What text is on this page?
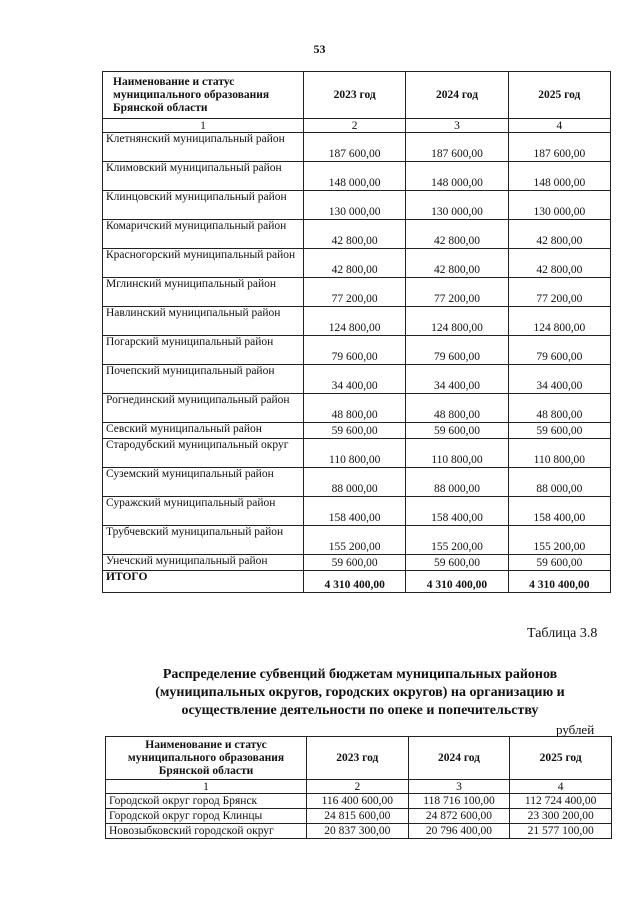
53
Наименование и статус муниципального образования Брянской области	2023 год	2024 год	2025 год
1	2	3	4
Клетнянский муниципальный район	187 600,00	187 600,00	187 600,00
Климовский муниципальный район	148 000,00	148 000,00	148 000,00
Клинцовский муниципальный район	130 000,00	130 000,00	130 000,00
Комаричский муниципальный район	42 800,00	42 800,00	42 800,00
Красногорский муниципальный район	42 800,00	42 800,00	42 800,00
Мглинский муниципальный район	77 200,00	77 200,00	77 200,00
Навлинский муниципальный район	124 800,00	124 800,00	124 800,00
Погарский муниципальный район	79 600,00	79 600,00	79 600,00
Почепский муниципальный район	34 400,00	34 400,00	34 400,00
Рогнединский муниципальный район	48 800,00	48 800,00	48 800,00
Севский муниципальный район	59 600,00	59 600,00	59 600,00
Стародубский муниципальный округ	110 800,00	110 800,00	110 800,00
Суземский муниципальный район	88 000,00	88 000,00	88 000,00
Суражский муниципальный район	158 400,00	158 400,00	158 400,00
Трубчевский муниципальный район	155 200,00	155 200,00	155 200,00
Унечский муниципальный район	59 600,00	59 600,00	59 600,00
ИТОГО	4 310 400,00	4 310 400,00	4 310 400,00
Таблица 3.8
Распределение субвенций бюджетам муниципальных районов
(муниципальных округов, городских округов) на организацию и
осуществление деятельности по опеке и попечительству
рублей
Наименование и статус муниципального образования Брянской области	2023 год	2024 год	2025 год
1	2	3	4
Городской округ город Брянск	116 400 600,00	118 716 100,00	112 724 400,00
Городской округ город Клинцы	24 815 600,00	24 872 600,00	23 300 200,00
Новозыбковский городской округ	20 837 300,00	20 796 400,00	21 577 100,00
